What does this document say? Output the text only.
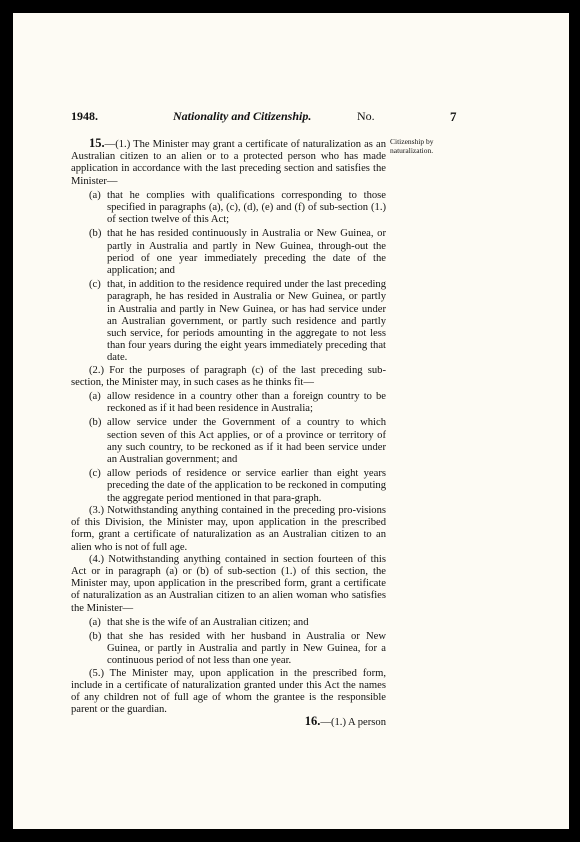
1948.	Nationality and Citizenship.	No.	7
Citizenship by naturalization.

15.—(1.) The Minister may grant a certificate of naturalization as an Australian citizen to an alien or to a protected person who has made application in accordance with the last preceding section and satisfies the Minister—

(a) that he complies with qualifications corresponding to those specified in paragraphs (a), (c), (d), (e) and (f) of sub-section (1.) of section twelve of this Act;
(b) that he has resided continuously in Australia or New Guinea, or partly in Australia and partly in New Guinea, through-out the period of one year immediately preceding the date of the application; and
(c) that, in addition to the residence required under the last preceding paragraph, he has resided in Australia or New Guinea, or partly in Australia and partly in New Guinea, or has had service under an Australian government, or partly such residence and partly such service, for periods amounting in the aggregate to not less than four years during the eight years immediately preceding that date.

(2.) For the purposes of paragraph (c) of the last preceding sub-section, the Minister may, in such cases as he thinks fit—

(a) allow residence in a country other than a foreign country to be reckoned as if it had been residence in Australia;
(b) allow service under the Government of a country to which section seven of this Act applies, or of a province or territory of any such country, to be reckoned as if it had been service under an Australian government; and
(c) allow periods of residence or service earlier than eight years preceding the date of the application to be reckoned in computing the aggregate period mentioned in that para-graph.

(3.) Notwithstanding anything contained in the preceding pro-visions of this Division, the Minister may, upon application in the prescribed form, grant a certificate of naturalization as an Australian citizen to an alien who is not of full age.

(4.) Notwithstanding anything contained in section fourteen of this Act or in paragraph (a) or (b) of sub-section (1.) of this section, the Minister may, upon application in the prescribed form, grant a certificate of naturalization as an Australian citizen to an alien woman who satisfies the Minister—

(a) that she is the wife of an Australian citizen; and
(b) that she has resided with her husband in Australia or New Guinea, or partly in Australia and partly in New Guinea, for a continuous period of not less than one year.

(5.) The Minister may, upon application in the prescribed form, include in a certificate of naturalization granted under this Act the names of any children not of full age of whom the grantee is the responsible parent or the guardian.

16.—(1.) A person
